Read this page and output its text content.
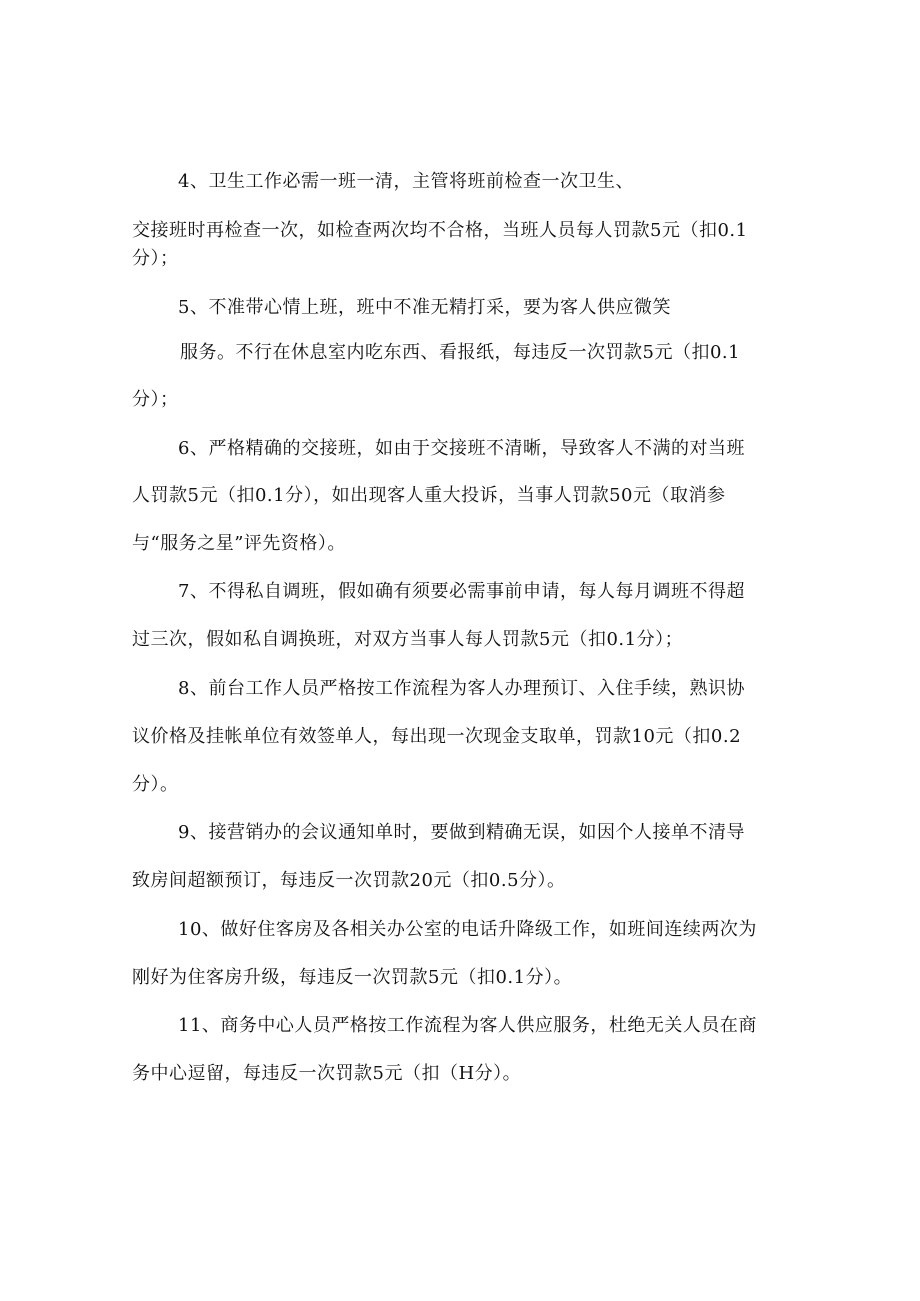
4、卫生工作必需一班一清，主管将班前检查一次卫生、
交接班时再检查一次，如检查两次均不合格，当班人员每人罚款5元（扣0.1
分）；
5、不准带心情上班，班中不准无精打采，要为客人供应微笑
服务。不行在休息室内吃东西、看报纸，每违反一次罚款5元（扣0.1
分）；
6、严格精确的交接班，如由于交接班不清晰，导致客人不满的对当班
人罚款5元（扣0.1分），如出现客人重大投诉，当事人罚款50元（取消参
与“服务之星”评先资格）。
7、不得私自调班，假如确有须要必需事前申请，每人每月调班不得超
过三次，假如私自调换班，对双方当事人每人罚款5元（扣0.1分）；
8、前台工作人员严格按工作流程为客人办理预订、入住手续，熟识协
议价格及挂帐单位有效签单人，每出现一次现金支取单，罚款10元（扣0.2
分）。
9、接营销办的会议通知单时，要做到精确无误，如因个人接单不清导
致房间超额预订，每违反一次罚款20元（扣0.5分）。
10、做好住客房及各相关办公室的电话升降级工作，如班间连续两次为
刚好为住客房升级，每违反一次罚款5元（扣0.1分）。
11、商务中心人员严格按工作流程为客人供应服务，杜绝无关人员在商
务中心逗留，每违反一次罚款5元（扣（H分）。
